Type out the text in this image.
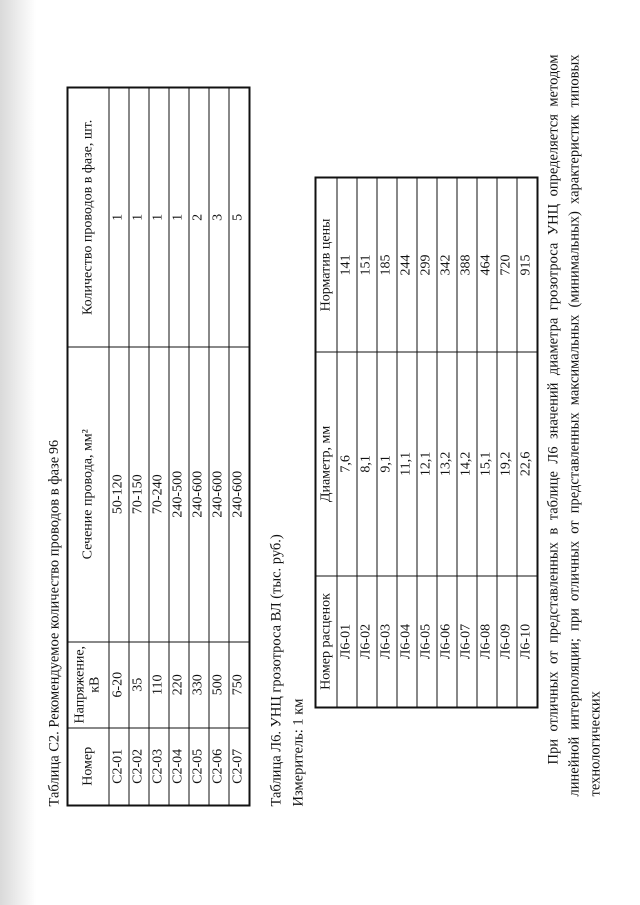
96
Таблица С2. Рекомендуемое количество проводов в фазе Номер	Напряжение, кВ	Сечение провода, мм²	Количество проводов в фазе, шт.
С2-01	6-20	50-120	1
С2-02	35	70-150	1
С2-03	110	70-240	1
С2-04	220	240-500	1
С2-05	330	240-600	2
С2-06	500	240-600	3
С2-07	750	240-600	5
Таблица Л6. УНЦ грозотроса ВЛ (тыс. руб.) Измеритель: 1 км
Номер расценок	Диаметр, мм	Норматив цены
Л6-01	7,6	141
Л6-02	8,1	151
Л6-03	9,1	185
Л6-04	11,1	244
Л6-05	12,1	299
Л6-06	13,2	342
Л6-07	14,2	388
Л6-08	15,1	464
Л6-09	19,2	720
Л6-10	22,6	915 При отличных от представленных в таблице Л6 значений диаметра грозотроса УНЦ определяется методом линейной интерполяции; при отличных от представленных максимальных (минимальных) характеристик типовых технологических
